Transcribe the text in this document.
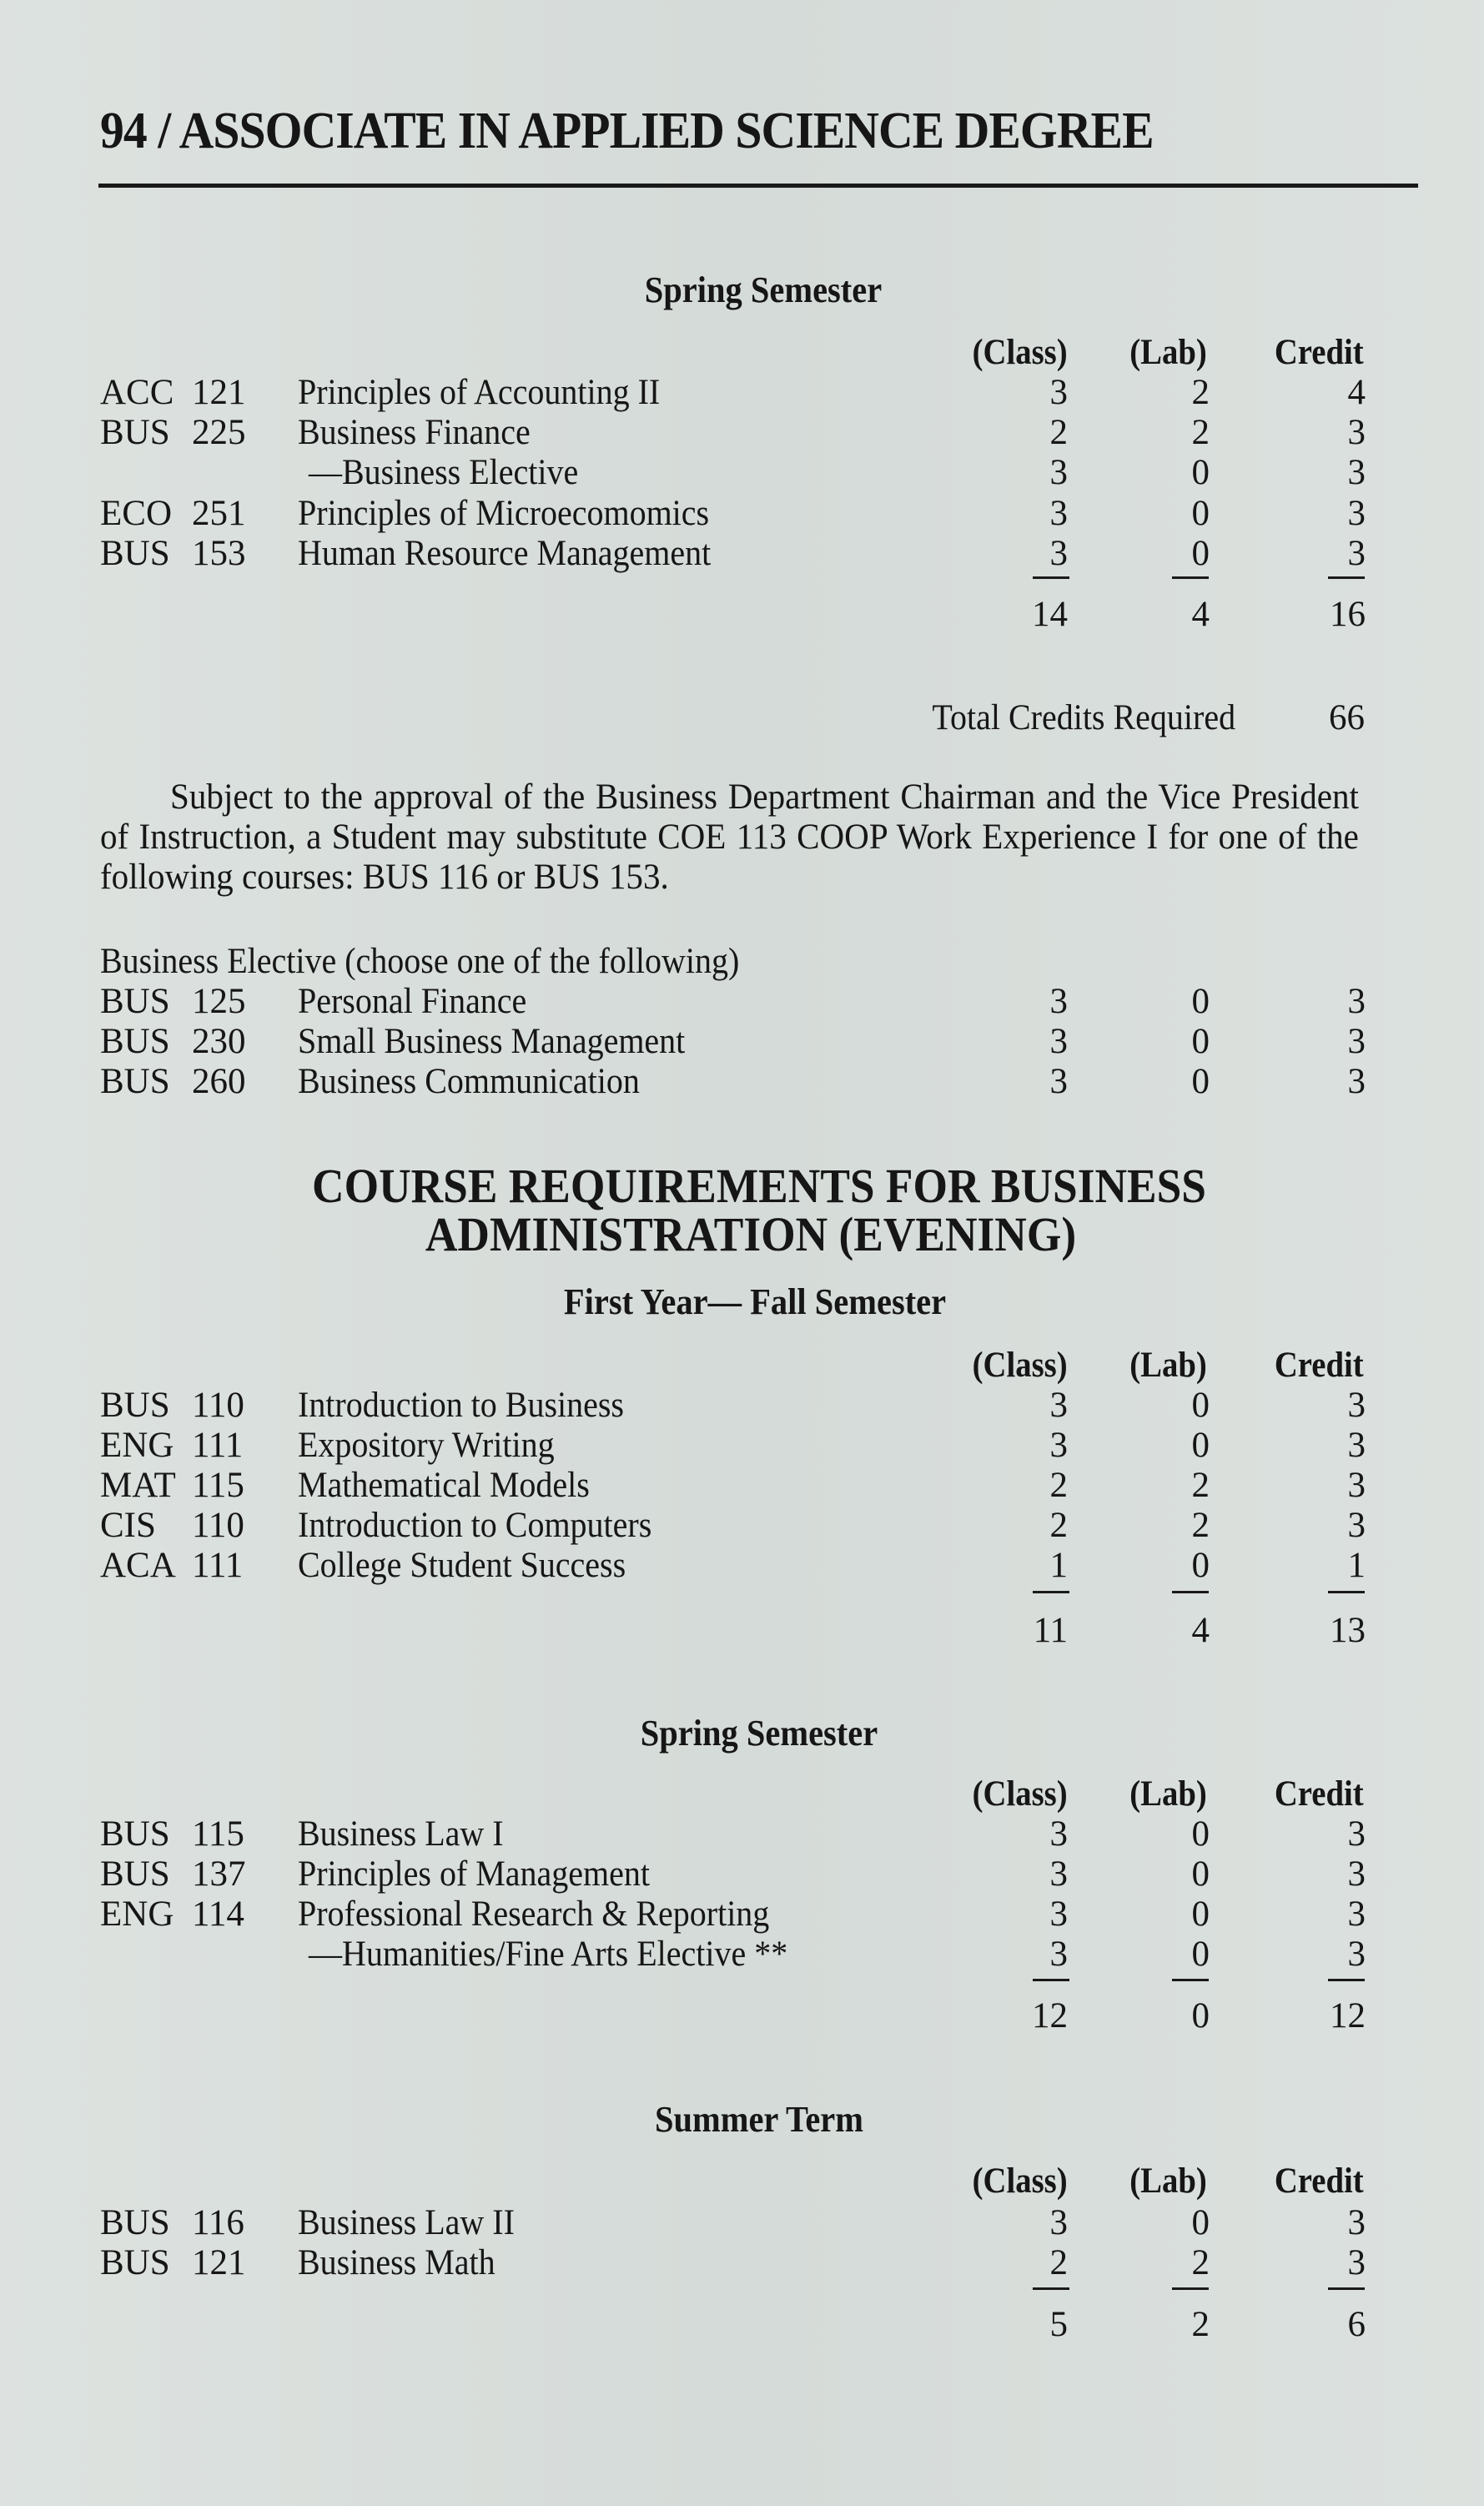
94 / ASSOCIATE IN APPLIED SCIENCE DEGREE
Spring Semester
(Class) (Lab) Credit
ACC 121 Principles of Accounting II	3	2	4
BUS 225 Business Finance	2	2	3
—Business Elective	3	0	3
ECO 251 Principles of Microecomomics	3	0	3
BUS 153 Human Resource Management	3	0	3
14	4	16
Total Credits Required	66
Subject to the approval of the Business Department Chairman and the Vice President of Instruction, a Student may substitute COE 113 COOP Work Experience I for one of the following courses: BUS 116 or BUS 153.
Business Elective (choose one of the following)
BUS 125 Personal Finance	3	0	3
BUS 230 Small Business Management	3	0	3
BUS 260 Business Communication	3	0	3
COURSE REQUIREMENTS FOR BUSINESS
ADMINISTRATION (EVENING)
First Year— Fall Semester
(Class) (Lab) Credit
BUS 110 Introduction to Business	3	0	3
ENG 111 Expository Writing	3	0	3
MAT 115 Mathematical Models	2	2	3
CIS 110 Introduction to Computers	2	2	3
ACA 111 College Student Success	1	0	1
11	4	13
Spring Semester
(Class) (Lab) Credit
BUS 115 Business Law I	3	0	3
BUS 137 Principles of Management	3	0	3
ENG 114 Professional Research & Reporting	3	0	3
—Humanities/Fine Arts Elective **	3	0	3
12	0	12
Summer Term
(Class) (Lab) Credit
BUS 116 Business Law II	3	0	3
BUS 121 Business Math	2	2	3
5	2	6
